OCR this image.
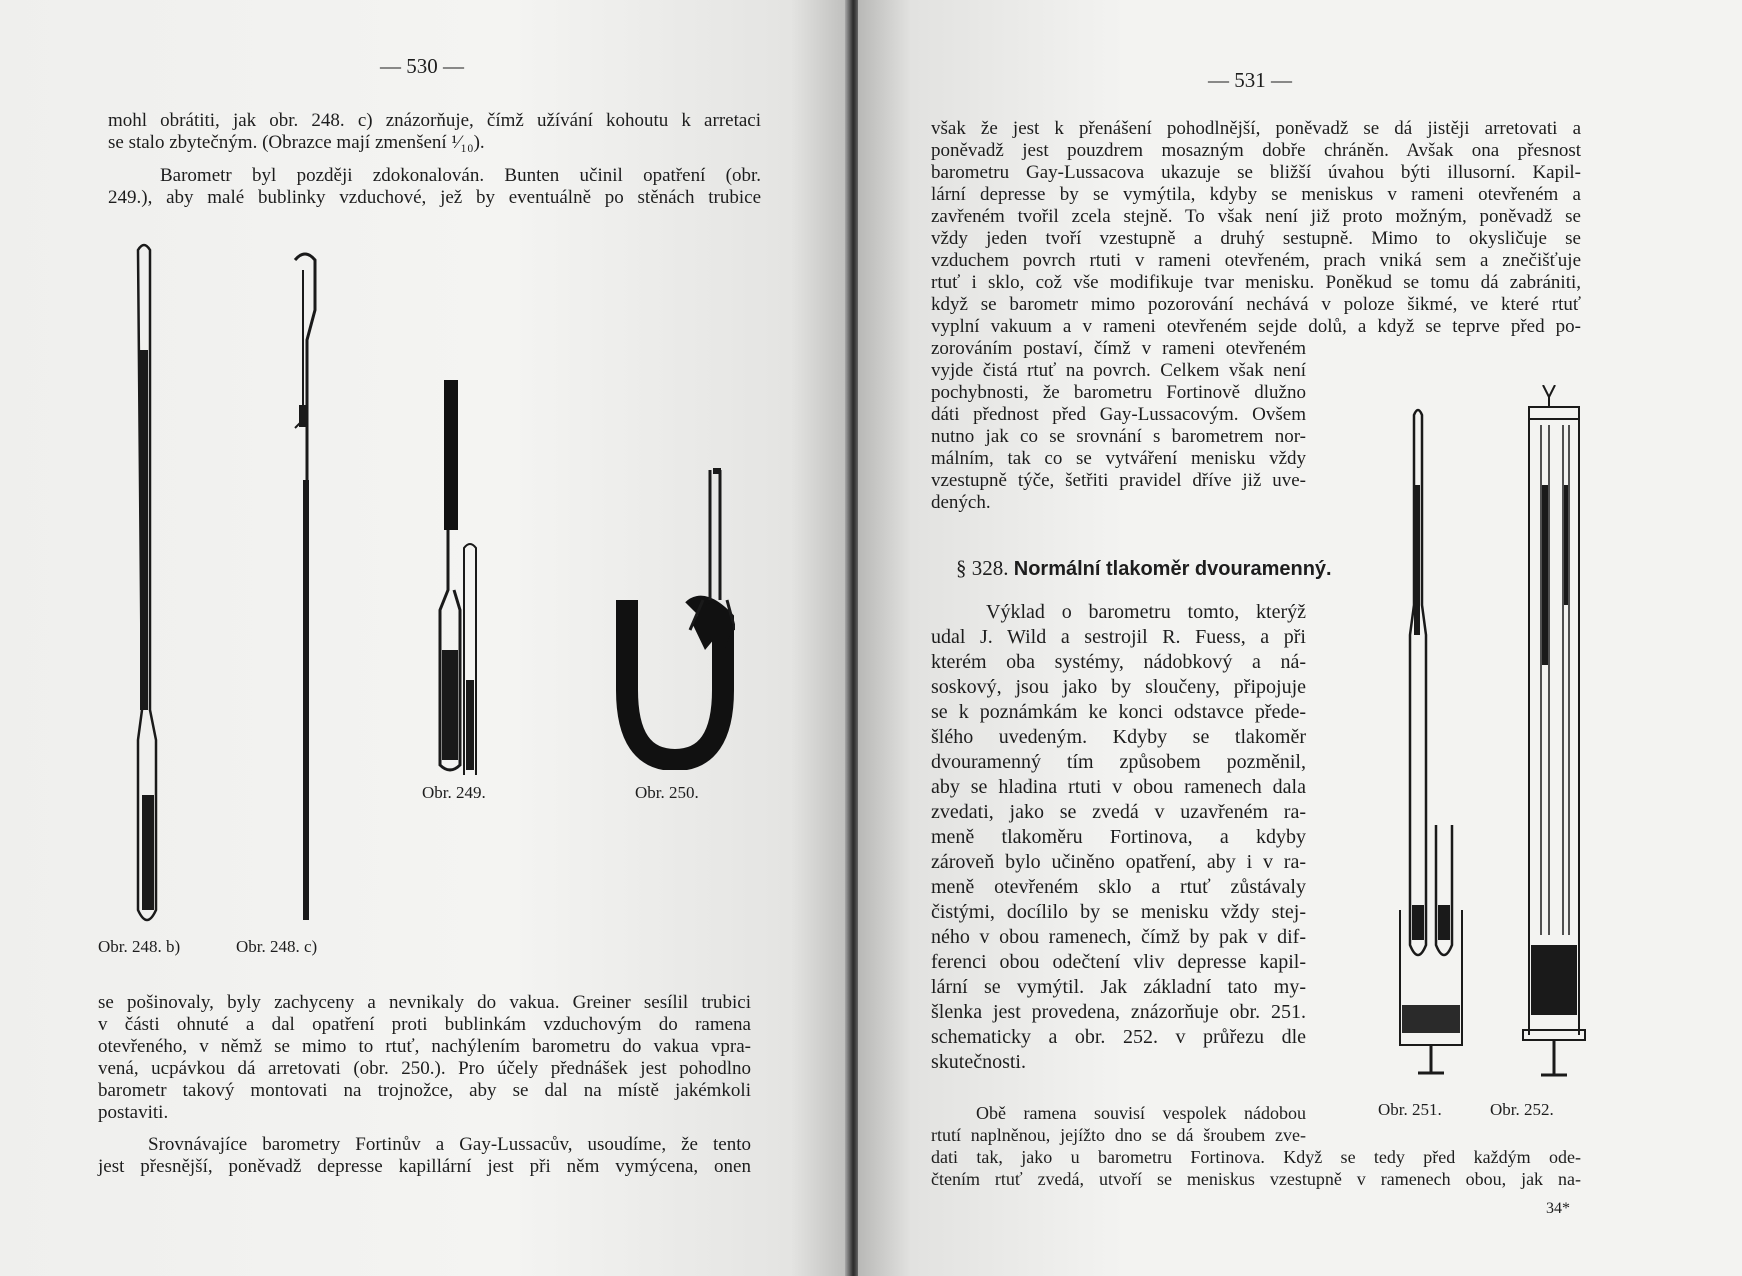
— 530 —
mohl obrátiti, jak obr. 248. c) znázorňuje, čímž užívání kohoutu k arretaci
se stalo zbytečným. (Obrazce mají zmenšení ¹⁄₁₀).
Barometr byl později zdokonalován. Bunten učinil opatření (obr.
249.), aby malé bublinky vzduchové, jež by eventuálně po stěnách trubice
Obr. 248. b)	Obr. 248. c)
Obr. 249.	Obr. 250.
se pošinovaly, byly zachyceny a nevnikaly do vakua. Greiner sesílil trubici
v části ohnuté a dal opatření proti bublinkám vzduchovým do ramena
otevřeného, v němž se mimo to rtuť, nachýlením barometru do vakua vpra-
vená, ucpávkou dá arretovati (obr. 250.). Pro účely přednášek jest pohodlno
barometr takový montovati na trojnožce, aby se dal na místě jakémkoli
postaviti.
Srovnávajíce barometry Fortinův a Gay-Lussacův, usoudíme, že tento
jest přesnější, poněvadž depresse kapillární jest při něm vymýcena, onen
— 531 —
však že jest k přenášení pohodlnější, poněvadž se dá jistěji arretovati a
poněvadž jest pouzdrem mosazným dobře chráněn. Avšak ona přesnost
barometru Gay-Lussacova ukazuje se bližší úvahou býti illusorní. Kapil-
lární depresse by se vymýtila, kdyby se meniskus v rameni otevřeném a
zavřeném tvořil zcela stejně. To však není již proto možným, poněvadž se
vždy jeden tvoří vzestupně a druhý sestupně. Mimo to okysličuje se
vzduchem povrch rtuti v rameni otevřeném, prach vniká sem a znečišťuje
rtuť i sklo, což vše modifikuje tvar menisku. Poněkud se tomu dá zabrániti,
když se barometr mimo pozorování nechává v poloze šikmé, ve které rtuť
vyplní vakuum a v rameni otevřeném sejde dolů, a když se teprve před po-
zorováním postaví, čímž v rameni otevřeném
vyjde čistá rtuť na povrch. Celkem však není
pochybnosti, že barometru Fortinově dlužno
dáti přednost před Gay-Lussacovým. Ovšem
nutno jak co se srovnání s barometrem nor-
málním, tak co se vytváření menisku vždy
vzestupně týče, šetřiti pravidel dříve již uve-
dených.
§ 328. Normální tlakoměr dvouramenný.
Výklad o barometru tomto, kterýž
udal J. Wild a sestrojil R. Fuess, a při
kterém oba systémy, nádobkový a ná-
soskový, jsou jako by sloučeny, připojuje
se k poznámkám ke konci odstavce přede-
šlého uvedeným. Kdyby se tlakoměr
dvouramenný tím způsobem pozměnil,
aby se hladina rtuti v obou ramenech dala
zvedati, jako se zvedá v uzavřeném ra-
meně tlakoměru Fortinova, a kdyby
zároveň bylo učiněno opatření, aby i v ra-
meně otevřeném sklo a rtuť zůstávaly
čistými, docílilo by se menisku vždy stej-
ného v obou ramenech, čímž by pak v dif-
ferenci obou odečtení vliv depresse kapil-
lární se vymýtil. Jak základní tato my-
šlenka jest provedena, znázorňuje obr. 251.
schematicky a obr. 252. v průřezu dle
skutečnosti.
Obr. 251.	Obr. 252.
Obě ramena souvisí vespolek nádobou
rtutí naplněnou, jejížto dno se dá šroubem zve-
dati tak, jako u barometru Fortinova. Když se tedy před každým ode-
čtením rtuť zvedá, utvoří se meniskus vzestupně v ramenech obou, jak na-
34*
